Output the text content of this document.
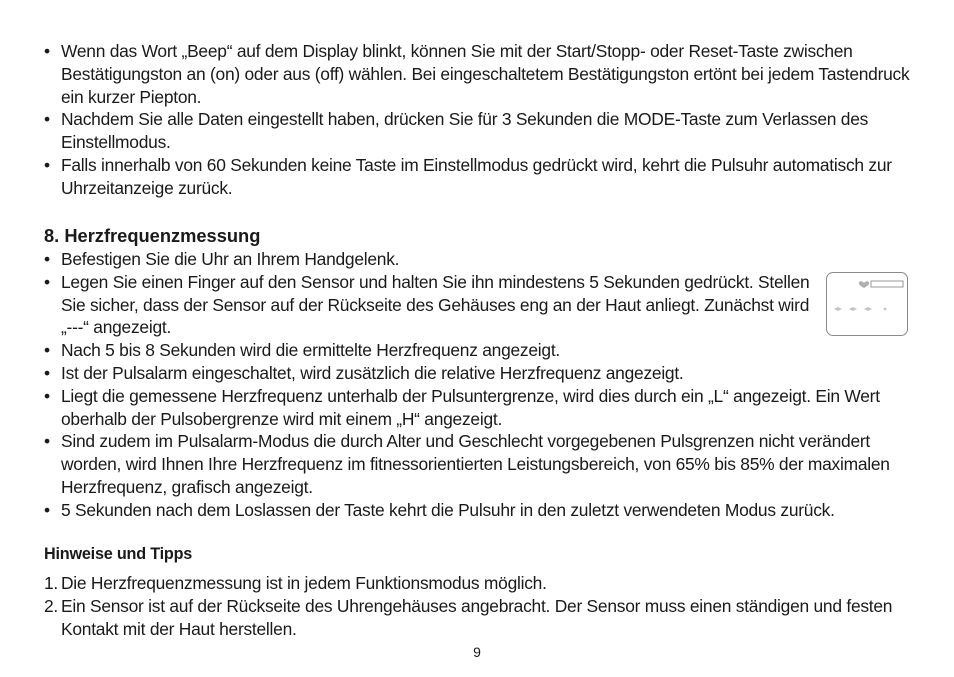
• Wenn das Wort „Beep“ auf dem Display blinkt, können Sie mit der Start/Stopp- oder Reset-Taste zwischen Bestätigungston an (on) oder aus (off) wählen. Bei eingeschaltetem Bestätigungston ertönt bei jedem Tastendruck ein kurzer Piepton.
• Nachdem Sie alle Daten eingestellt haben, drücken Sie für 3 Sekunden die MODE-Taste zum Verlassen des Einstellmodus.
• Falls innerhalb von 60 Sekunden keine Taste im Einstellmodus gedrückt wird, kehrt die Pulsuhr automatisch zur Uhrzeitanzeige zurück.
8. Herzfrequenzmessung
• Befestigen Sie die Uhr an Ihrem Handgelenk.
• Legen Sie einen Finger auf den Sensor und halten Sie ihn mindestens 5 Sekunden gedrückt. Stellen Sie sicher, dass der Sensor auf der Rückseite des Gehäuses eng an der Haut anliegt. Zunächst wird „---“ angezeigt.
• Nach 5 bis 8 Sekunden wird die ermittelte Herzfrequenz angezeigt.
• Ist der Pulsalarm eingeschaltet, wird zusätzlich die relative Herzfrequenz angezeigt.
• Liegt die gemessene Herzfrequenz unterhalb der Pulsuntergrenze, wird dies durch ein „L“ angezeigt. Ein Wert oberhalb der Pulsobergrenze wird mit einem „H“ angezeigt.
• Sind zudem im Pulsalarm-Modus die durch Alter und Geschlecht vorgegebenen Pulsgrenzen nicht verändert worden, wird Ihnen Ihre Herzfrequenz im fitnessorientierten Leistungsbereich, von 65% bis 85% der maximalen Herzfrequenz, grafisch angezeigt.
• 5 Sekunden nach dem Loslassen der Taste kehrt die Pulsuhr in den zuletzt verwendeten Modus zurück.
Hinweise und Tipps
1. Die Herzfrequenzmessung ist in jedem Funktionsmodus möglich.
2. Ein Sensor ist auf der Rückseite des Uhrengehäuses angebracht. Der Sensor muss einen ständigen und festen Kontakt mit der Haut herstellen.
9
